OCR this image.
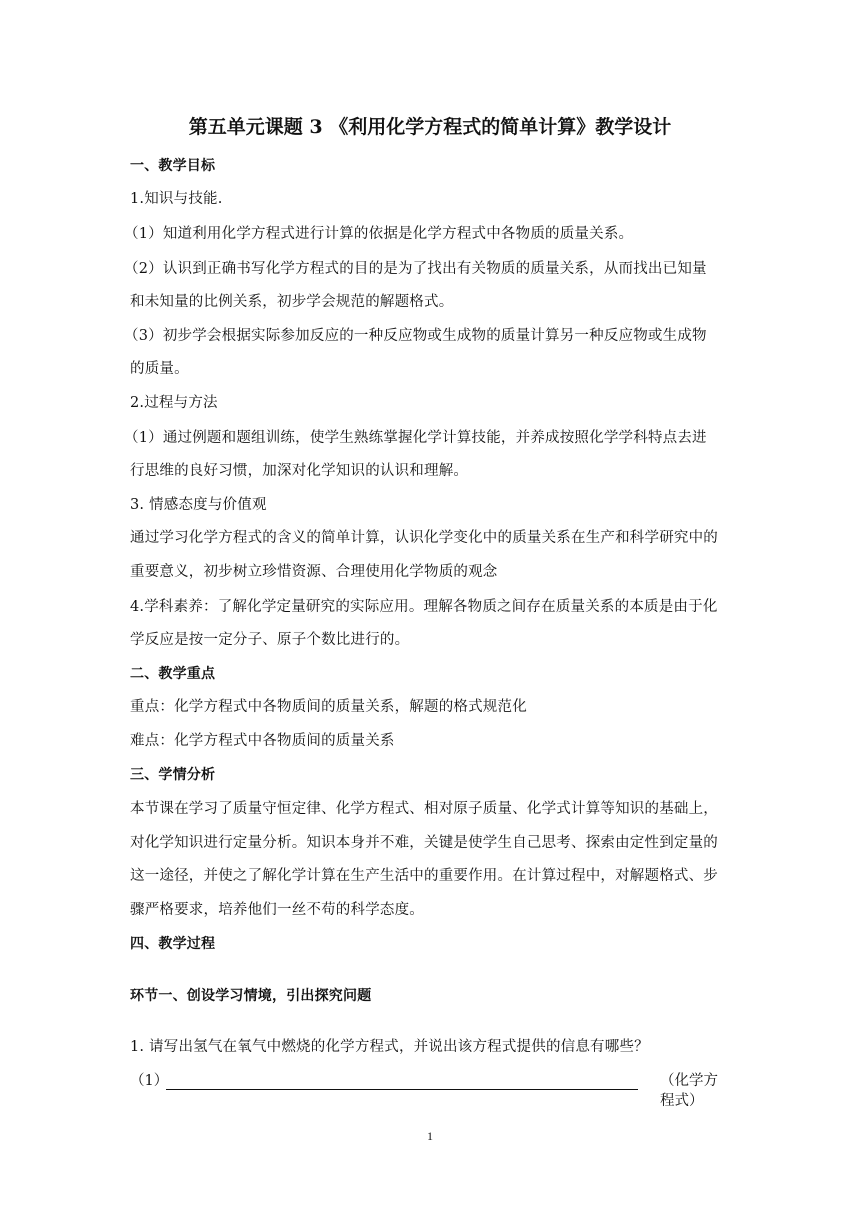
第五单元课题 3 《利用化学方程式的简单计算》教学设计
一、教学目标
1.知识与技能.
（1）知道利用化学方程式进行计算的依据是化学方程式中各物质的质量关系。
（2）认识到正确书写化学方程式的目的是为了找出有关物质的质量关系，从而找出已知量
和未知量的比例关系，初步学会规范的解题格式。
（3）初步学会根据实际参加反应的一种反应物或生成物的质量计算另一种反应物或生成物
的质量。
2.过程与方法
（1）通过例题和题组训练，使学生熟练掌握化学计算技能，并养成按照化学学科特点去进
行思维的良好习惯，加深对化学知识的认识和理解。
3. 情感态度与价值观
通过学习化学方程式的含义的简单计算，认识化学变化中的质量关系在生产和科学研究中的
重要意义，初步树立珍惜资源、合理使用化学物质的观念
4.学科素养：了解化学定量研究的实际应用。理解各物质之间存在质量关系的本质是由于化
学反应是按一定分子、原子个数比进行的。
二、教学重点
重点：化学方程式中各物质间的质量关系，解题的格式规范化
难点：化学方程式中各物质间的质量关系
三、学情分析
本节课在学习了质量守恒定律、化学方程式、相对原子质量、化学式计算等知识的基础上，
对化学知识进行定量分析。知识本身并不难，关键是使学生自己思考、探索由定性到定量的
这一途径，并使之了解化学计算在生产生活中的重要作用。在计算过程中，对解题格式、步
骤严格要求，培养他们一丝不苟的科学态度。
四、教学过程
环节一、创设学习情境，引出探究问题
1. 请写出氢气在氧气中燃烧的化学方程式，并说出该方程式提供的信息有哪些？
（1）	（化学方程式）
1
